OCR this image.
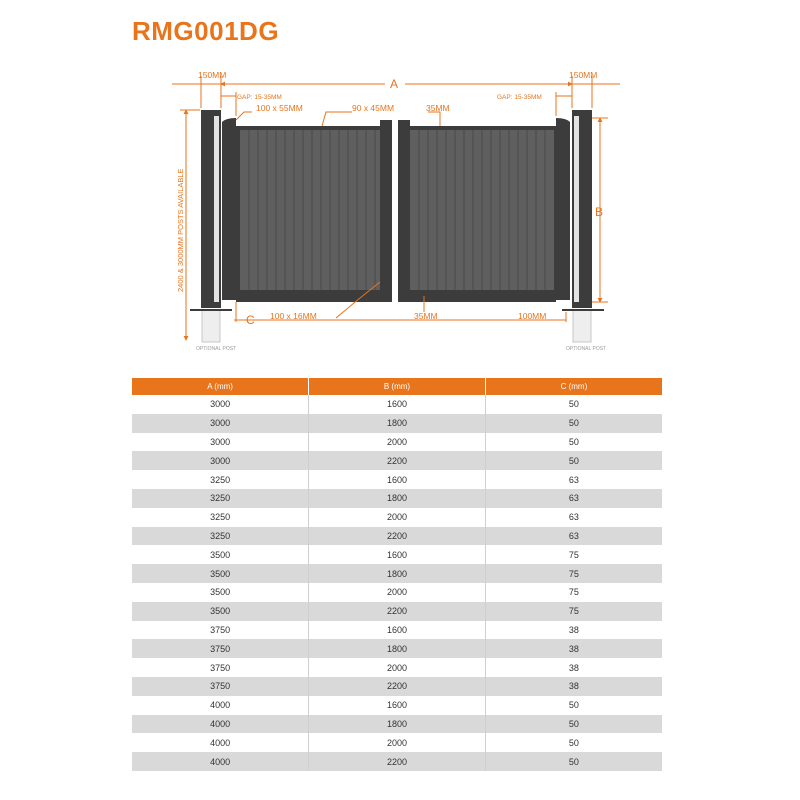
RMG001DG
150MM	150MM
A
GAP: 15-35MM	GAP: 15-35MM
100 x 55MM	90 x 45MM	35MM
B
C 100 x 16MM	35MM	100MM
2400 & 3000MM POSTS AVAILABLE
OPTIONAL POST	OPTIONAL POST
A (mm)	B (mm)	C (mm)
3000	1600	50
3000	1800	50
3000	2000	50
3000	2200	50
3250	1600	63
3250	1800	63
3250	2000	63
3250	2200	63
3500	1600	75
3500	1800	75
3500	2000	75
3500	2200	75
3750	1600	38
3750	1800	38
3750	2000	38
3750	2200	38
4000	1600	50
4000	1800	50
4000	2000	50
4000	2200	50
